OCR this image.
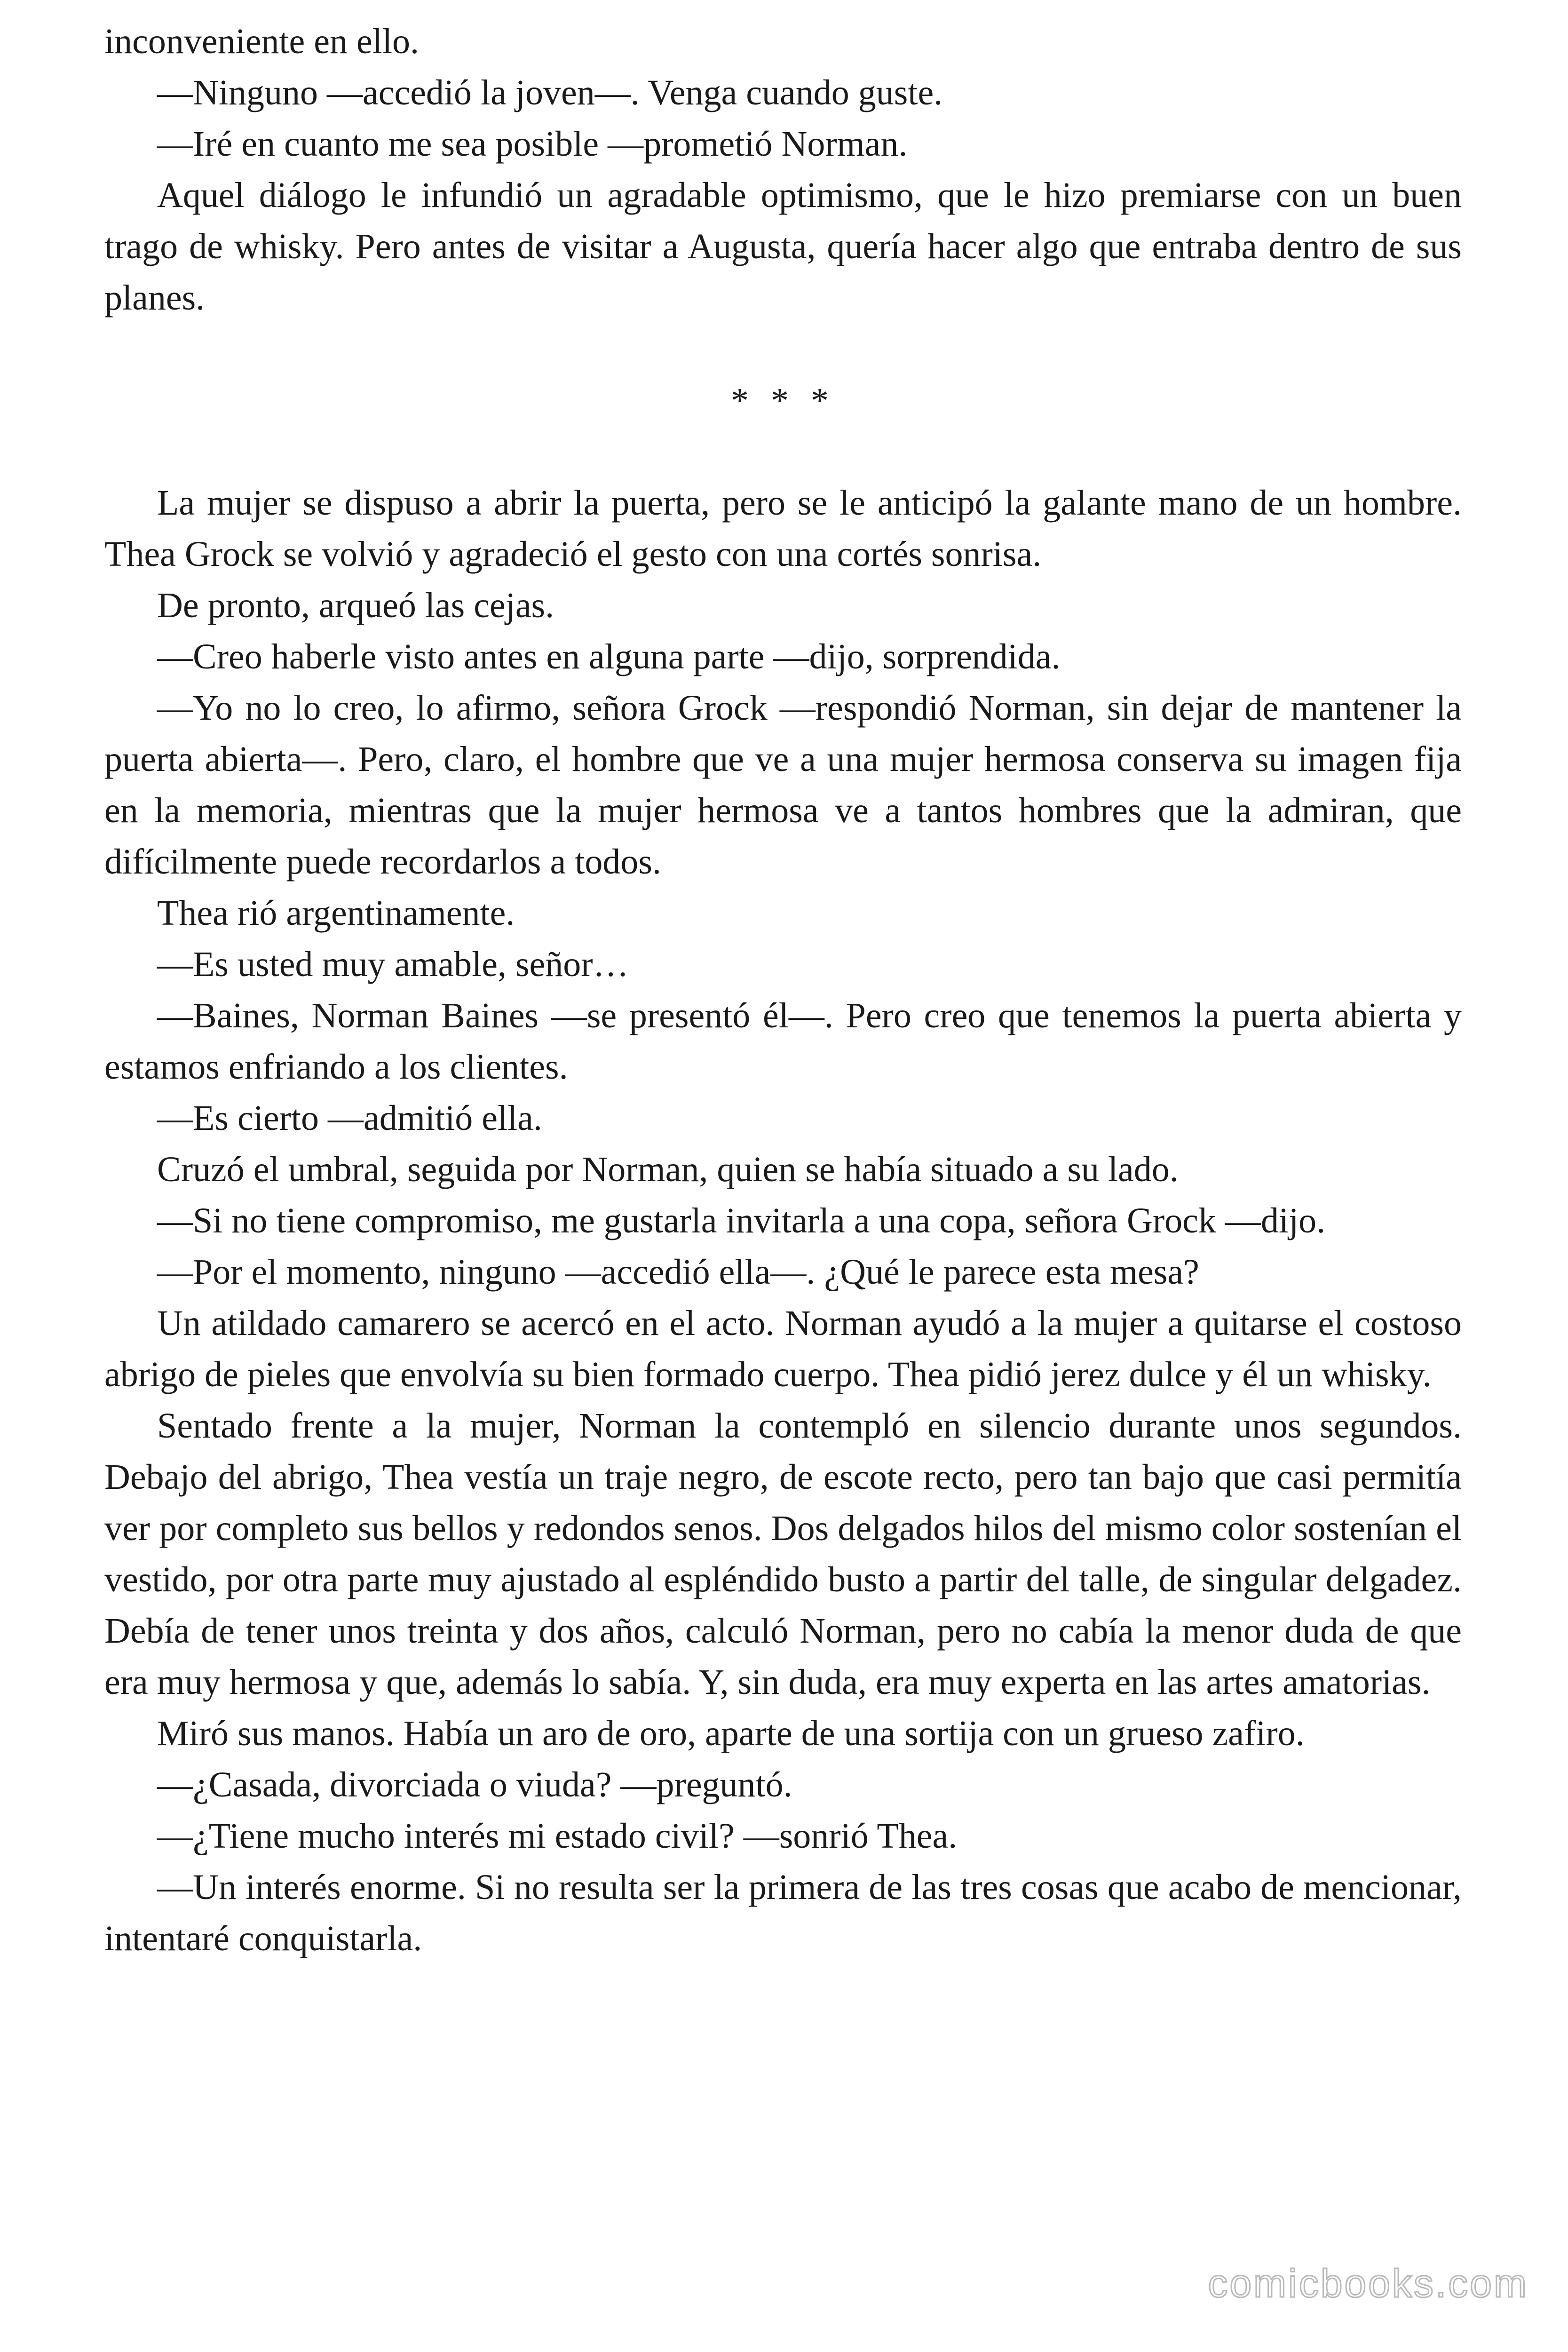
inconveniente en ello.

—Ninguno —accedió la joven—. Venga cuando guste.

—Iré en cuanto me sea posible —prometió Norman.

Aquel diálogo le infundió un agradable optimismo, que le hizo premiarse con un buen trago de whisky. Pero antes de visitar a Augusta, quería hacer algo que entraba dentro de sus planes.

* * *

La mujer se dispuso a abrir la puerta, pero se le anticipó la galante mano de un hombre. Thea Grock se volvió y agradeció el gesto con una cortés sonrisa.

De pronto, arqueó las cejas.

—Creo haberle visto antes en alguna parte —dijo, sorprendida.

—Yo no lo creo, lo afirmo, señora Grock —respondió Norman, sin dejar de mantener la puerta abierta—. Pero, claro, el hombre que ve a una mujer hermosa conserva su imagen fija en la memoria, mientras que la mujer hermosa ve a tantos hombres que la admiran, que difícilmente puede recordarlos a todos.

Thea rió argentinamente.

—Es usted muy amable, señor…

—Baines, Norman Baines —se presentó él—. Pero creo que tenemos la puerta abierta y estamos enfriando a los clientes.

—Es cierto —admitió ella.

Cruzó el umbral, seguida por Norman, quien se había situado a su lado.

—Si no tiene compromiso, me gustarla invitarla a una copa, señora Grock —dijo.

—Por el momento, ninguno —accedió ella—. ¿Qué le parece esta mesa?

Un atildado camarero se acercó en el acto. Norman ayudó a la mujer a quitarse el costoso abrigo de pieles que envolvía su bien formado cuerpo. Thea pidió jerez dulce y él un whisky.

Sentado frente a la mujer, Norman la contempló en silencio durante unos segundos. Debajo del abrigo, Thea vestía un traje negro, de escote recto, pero tan bajo que casi permitía ver por completo sus bellos y redondos senos. Dos delgados hilos del mismo color sostenían el vestido, por otra parte muy ajustado al espléndido busto a partir del talle, de singular delgadez. Debía de tener unos treinta y dos años, calculó Norman, pero no cabía la menor duda de que era muy hermosa y que, además lo sabía. Y, sin duda, era muy experta en las artes amatorias.

Miró sus manos. Había un aro de oro, aparte de una sortija con un grueso zafiro.

—¿Casada, divorciada o viuda? —preguntó.

—¿Tiene mucho interés mi estado civil? —sonrió Thea.

—Un interés enorme. Si no resulta ser la primera de las tres cosas que acabo de mencionar, intentaré conquistarla.

comicbooks.com
